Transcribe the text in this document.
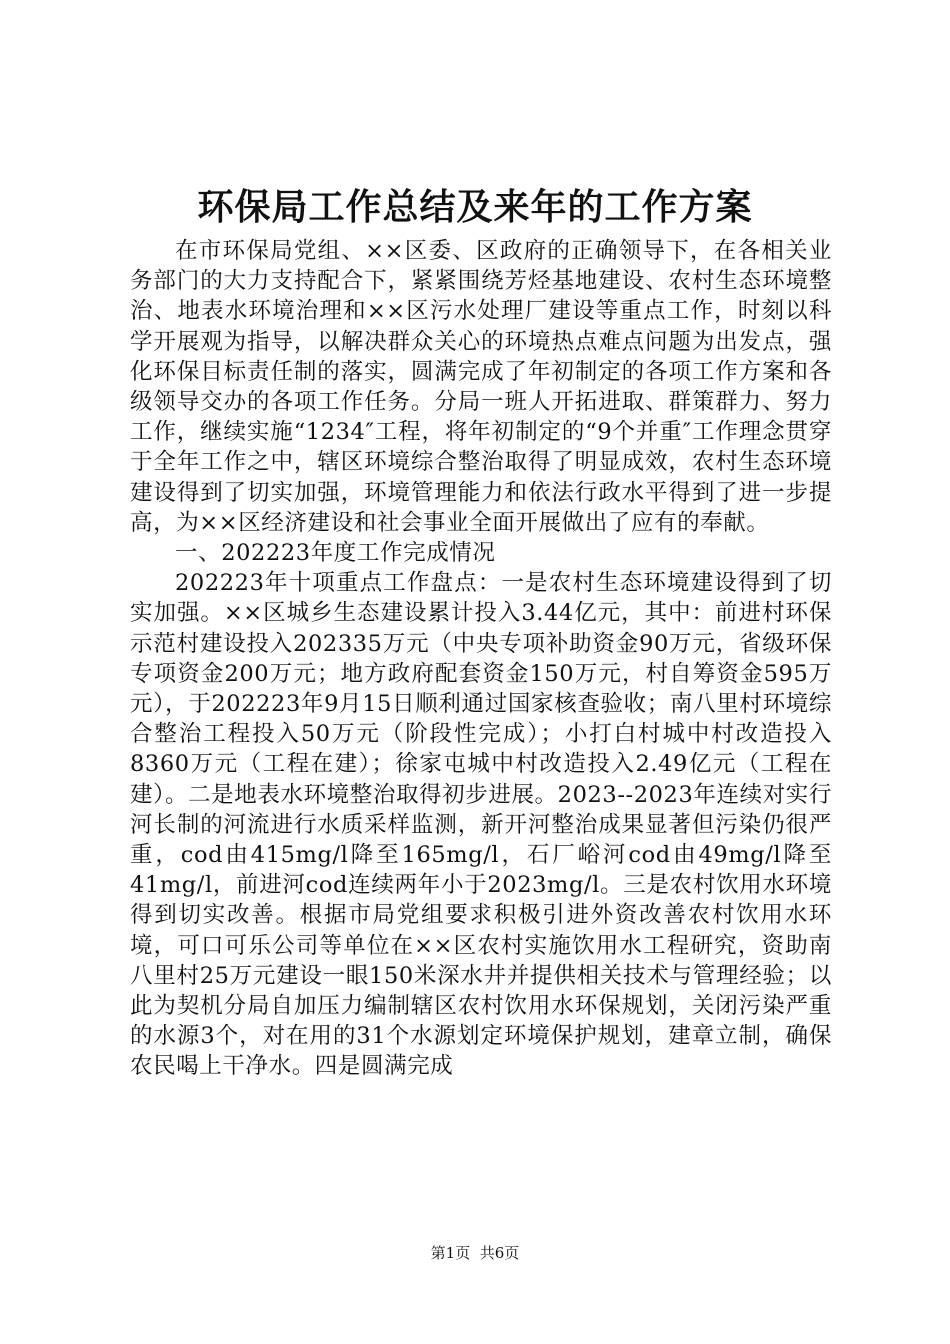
环保局工作总结及来年的工作方案

在市环保局党组、××区委、区政府的正确领导下，在各相关业务部门的大力支持配合下，紧紧围绕芳烃基地建设、农村生态环境整治、地表水环境治理和××区污水处理厂建设等重点工作，时刻以科学开展观为指导，以解决群众关心的环境热点难点问题为出发点，强化环保目标责任制的落实，圆满完成了年初制定的各项工作方案和各级领导交办的各项工作任务。分局一班人开拓进取、群策群力、努力工作，继续实施“1234″工程，将年初制定的“9个并重″工作理念贯穿于全年工作之中，辖区环境综合整治取得了明显成效，农村生态环境建设得到了切实加强，环境管理能力和依法行政水平得到了进一步提高，为××区经济建设和社会事业全面开展做出了应有的奉献。

一、202223年度工作完成情况

202223年十项重点工作盘点：一是农村生态环境建设得到了切实加强。××区城乡生态建设累计投入3.44亿元，其中：前进村环保示范村建设投入202335万元（中央专项补助资金90万元，省级环保专项资金200万元；地方政府配套资金150万元，村自筹资金595万元），于202223年9月15日顺利通过国家核查验收；南八里村环境综合整治工程投入50万元（阶段性完成）；小打白村城中村改造投入8360万元（工程在建）；徐家屯城中村改造投入2.49亿元（工程在建）。二是地表水环境整治取得初步进展。2023--2023年连续对实行河长制的河流进行水质采样监测，新开河整治成果显著但污染仍很严重，cod由415mg/l降至165mg/l，石厂峪河cod由49mg/l降至41mg/l，前进河cod连续两年小于2023mg/l。三是农村饮用水环境得到切实改善。根据市局党组要求积极引进外资改善农村饮用水环境，可口可乐公司等单位在××区农村实施饮用水工程研究，资助南八里村25万元建设一眼150米深水井并提供相关技术与管理经验；以此为契机分局自加压力编制辖区农村饮用水环保规划，关闭污染严重的水源3个，对在用的31个水源划定环境保护规划，建章立制，确保农民喝上干净水。四是圆满完成

第1页 共6页
